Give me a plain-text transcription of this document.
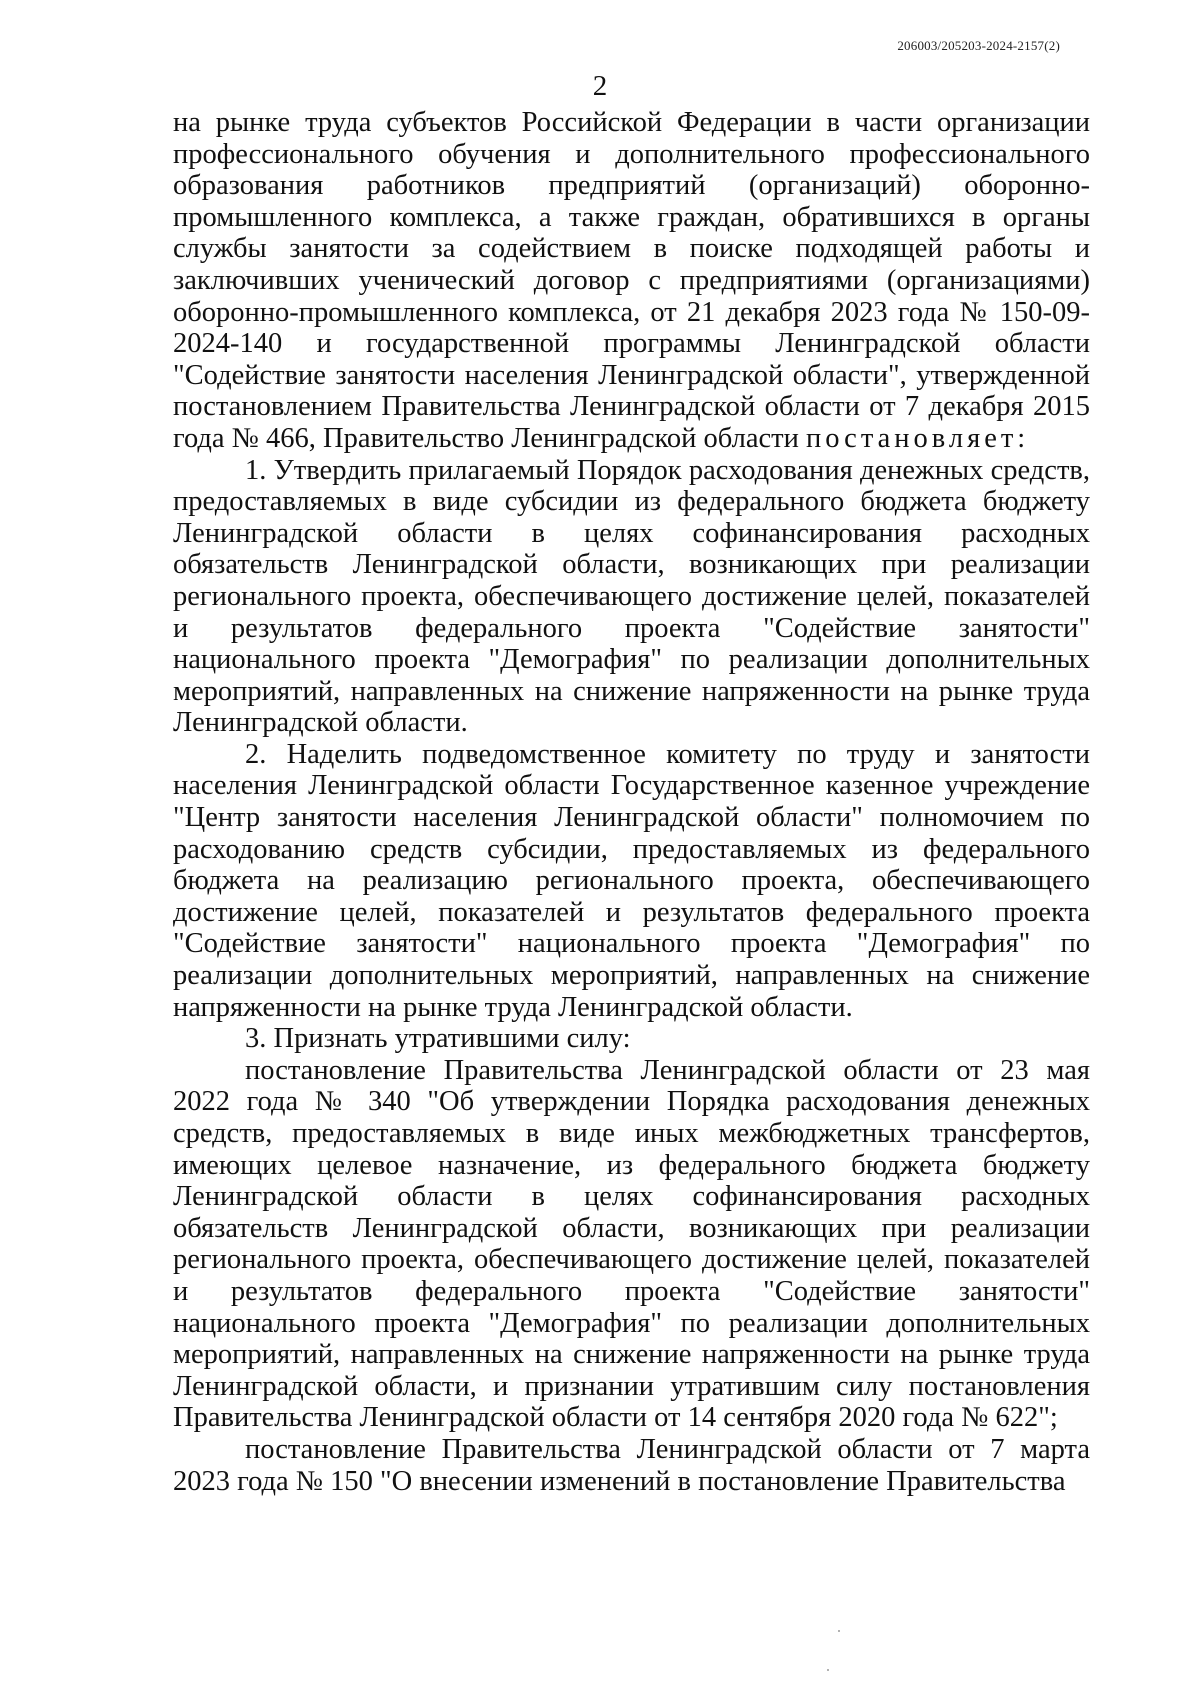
206003/205203-2024-2157(2)
2

на рынке труда субъектов Российской Федерации в части организации профессионального обучения и дополнительного профессионального образования работников предприятий (организаций) оборонно-промышленного комплекса, а также граждан, обратившихся в органы службы занятости за содействием в поиске подходящей работы и заключивших ученический договор с предприятиями (организациями) оборонно-промышленного комплекса, от 21 декабря 2023 года № 150-09-2024-140 и государственной программы Ленинградской области "Содействие занятости населения Ленинградской области", утвержденной постановлением Правительства Ленинградской области от 7 декабря 2015 года № 466, Правительство Ленинградской области постановляет:

1. Утвердить прилагаемый Порядок расходования денежных средств, предоставляемых в виде субсидии из федерального бюджета бюджету Ленинградской области в целях софинансирования расходных обязательств Ленинградской области, возникающих при реализации регионального проекта, обеспечивающего достижение целей, показателей и результатов федерального проекта "Содействие занятости" национального проекта "Демография" по реализации дополнительных мероприятий, направленных на снижение напряженности на рынке труда Ленинградской области.

2. Наделить подведомственное комитету по труду и занятости населения Ленинградской области Государственное казенное учреждение "Центр занятости населения Ленинградской области" полномочием по расходованию средств субсидии, предоставляемых из федерального бюджета на реализацию регионального проекта, обеспечивающего достижение целей, показателей и результатов федерального проекта "Содействие занятости" национального проекта "Демография" по реализации дополнительных мероприятий, направленных на снижение напряженности на рынке труда Ленинградской области.

3. Признать утратившими силу:

постановление Правительства Ленинградской области от 23 мая 2022 года № 340 "Об утверждении Порядка расходования денежных средств, предоставляемых в виде иных межбюджетных трансфертов, имеющих целевое назначение, из федерального бюджета бюджету Ленинградской области в целях софинансирования расходных обязательств Ленинградской области, возникающих при реализации регионального проекта, обеспечивающего достижение целей, показателей и результатов федерального проекта "Содействие занятости" национального проекта "Демография" по реализации дополнительных мероприятий, направленных на снижение напряженности на рынке труда Ленинградской области, и признании утратившим силу постановления Правительства Ленинградской области от 14 сентября 2020 года № 622";

постановление Правительства Ленинградской области от 7 марта 2023 года № 150 "О внесении изменений в постановление Правительства
